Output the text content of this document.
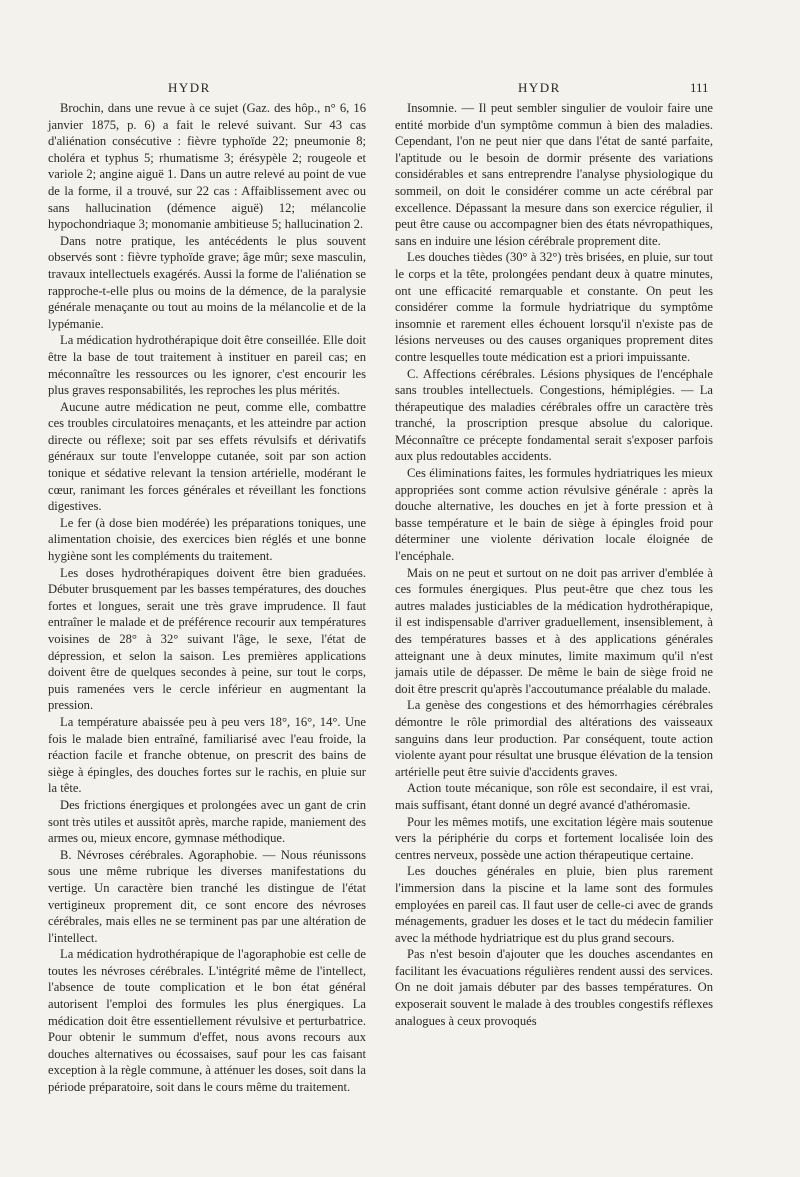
HYDR	HYDR	111

Brochin, dans une revue à ce sujet (Gaz. des hôp., n° 6, 16 janvier 1875, p. 6) a fait le relevé suivant. Sur 43 cas d'aliénation consécutive : fièvre typhoïde 22; pneumonie 8; choléra et typhus 5; rhumatisme 3; érésypèle 2; rougeole et variole 2; angine aiguë 1. Dans un autre relevé au point de vue de la forme, il a trouvé, sur 22 cas : Affaiblissement avec ou sans hallucination (démence aiguë) 12; mélancolie hypochondriaque 3; monomanie ambitieuse 5; hallucination 2.

Dans notre pratique, les antécédents le plus souvent observés sont : fièvre typhoïde grave; âge mûr; sexe masculin, travaux intellectuels exagérés. Aussi la forme de l'aliénation se rapproche-t-elle plus ou moins de la démence, de la paralysie générale menaçante ou tout au moins de la mélancolie et de la lypémanie.

La médication hydrothérapique doit être conseillée. Elle doit être la base de tout traitement à instituer en pareil cas; en méconnaître les ressources ou les ignorer, c'est encourir les plus graves responsabilités, les reproches les plus mérités.

Aucune autre médication ne peut, comme elle, combattre ces troubles circulatoires menaçants, et les atteindre par action directe ou réflexe; soit par ses effets révulsifs et dérivatifs généraux sur toute l'enveloppe cutanée, soit par son action tonique et sédative relevant la tension artérielle, modérant le cœur, ranimant les forces générales et réveillant les fonctions digestives.

Le fer (à dose bien modérée) les préparations toniques, une alimentation choisie, des exercices bien réglés et une bonne hygiène sont les compléments du traitement.

Les doses hydrothérapiques doivent être bien graduées. Débuter brusquement par les basses températures, des douches fortes et longues, serait une très grave imprudence. Il faut entraîner le malade et de préférence recourir aux températures voisines de 28° à 32° suivant l'âge, le sexe, l'état de dépression, et selon la saison. Les premières applications doivent être de quelques secondes à peine, sur tout le corps, puis ramenées vers le cercle inférieur en augmentant la pression.

La température abaissée peu à peu vers 18°, 16°, 14°. Une fois le malade bien entraîné, familiarisé avec l'eau froide, la réaction facile et franche obtenue, on prescrit des bains de siège à épingles, des douches fortes sur le rachis, en pluie sur la tête.

Des frictions énergiques et prolongées avec un gant de crin sont très utiles et aussitôt après, marche rapide, maniement des armes ou, mieux encore, gymnase méthodique.

B. Névroses cérébrales. Agoraphobie. — Nous réunissons sous une même rubrique les diverses manifestations du vertige. Un caractère bien tranché les distingue de l'état vertigineux proprement dit, ce sont encore des névroses cérébrales, mais elles ne se terminent pas par une altération de l'intellect.

La médication hydrothérapique de l'agoraphobie est celle de toutes les névroses cérébrales. L'intégrité même de l'intellect, l'absence de toute complication et le bon état général autorisent l'emploi des formules les plus énergiques. La médication doit être essentiellement révulsive et perturbatrice. Pour obtenir le summum d'effet, nous avons recours aux douches alternatives ou écossaises, sauf pour les cas faisant exception à la règle commune, à atténuer les doses, soit dans la période préparatoire, soit dans le cours même du traitement.

Insomnie. — Il peut sembler singulier de vouloir faire une entité morbide d'un symptôme commun à bien des maladies. Cependant, l'on ne peut nier que dans l'état de santé parfaite, l'aptitude ou le besoin de dormir présente des variations considérables et sans entreprendre l'analyse physiologique du sommeil, on doit le considérer comme un acte cérébral par excellence. Dépassant la mesure dans son exercice régulier, il peut être cause ou accompagner bien des états névropathiques, sans en induire une lésion cérébrale proprement dite.

Les douches tièdes (30° à 32°) très brisées, en pluie, sur tout le corps et la tête, prolongées pendant deux à quatre minutes, ont une efficacité remarquable et constante. On peut les considérer comme la formule hydriatrique du symptôme insomnie et rarement elles échouent lorsqu'il n'existe pas de lésions nerveuses ou des causes organiques proprement dites contre lesquelles toute médication est a priori impuissante.

C. Affections cérébrales. Lésions physiques de l'encéphale sans troubles intellectuels. Congestions, hémiplégies. — La thérapeutique des maladies cérébrales offre un caractère très tranché, la proscription presque absolue du calorique. Méconnaître ce précepte fondamental serait s'exposer parfois aux plus redoutables accidents.

Ces éliminations faites, les formules hydriatriques les mieux appropriées sont comme action révulsive générale : après la douche alternative, les douches en jet à forte pression et à basse température et le bain de siège à épingles froid pour déterminer une violente dérivation locale éloignée de l'encéphale.

Mais on ne peut et surtout on ne doit pas arriver d'emblée à ces formules énergiques. Plus peut-être que chez tous les autres malades justiciables de la médication hydrothérapique, il est indispensable d'arriver graduellement, insensiblement, à des températures basses et à des applications générales atteignant une à deux minutes, limite maximum qu'il n'est jamais utile de dépasser. De même le bain de siège froid ne doit être prescrit qu'après l'accoutumance préalable du malade.

La genèse des congestions et des hémorrhagies cérébrales démontre le rôle primordial des altérations des vaisseaux sanguins dans leur production. Par conséquent, toute action violente ayant pour résultat une brusque élévation de la tension artérielle peut être suivie d'accidents graves.

Action toute mécanique, son rôle est secondaire, il est vrai, mais suffisant, étant donné un degré avancé d'athéromasie.

Pour les mêmes motifs, une excitation légère mais soutenue vers la périphérie du corps et fortement localisée loin des centres nerveux, possède une action thérapeutique certaine.

Les douches générales en pluie, bien plus rarement l'immersion dans la piscine et la lame sont des formules employées en pareil cas. Il faut user de celle-ci avec de grands ménagements, graduer les doses et le tact du médecin familier avec la méthode hydriatrique est du plus grand secours.

Pas n'est besoin d'ajouter que les douches ascendantes en facilitant les évacuations régulières rendent aussi des services. On ne doit jamais débuter par des basses températures. On exposerait souvent le malade à des troubles congestifs réflexes analogues à ceux provoqués
